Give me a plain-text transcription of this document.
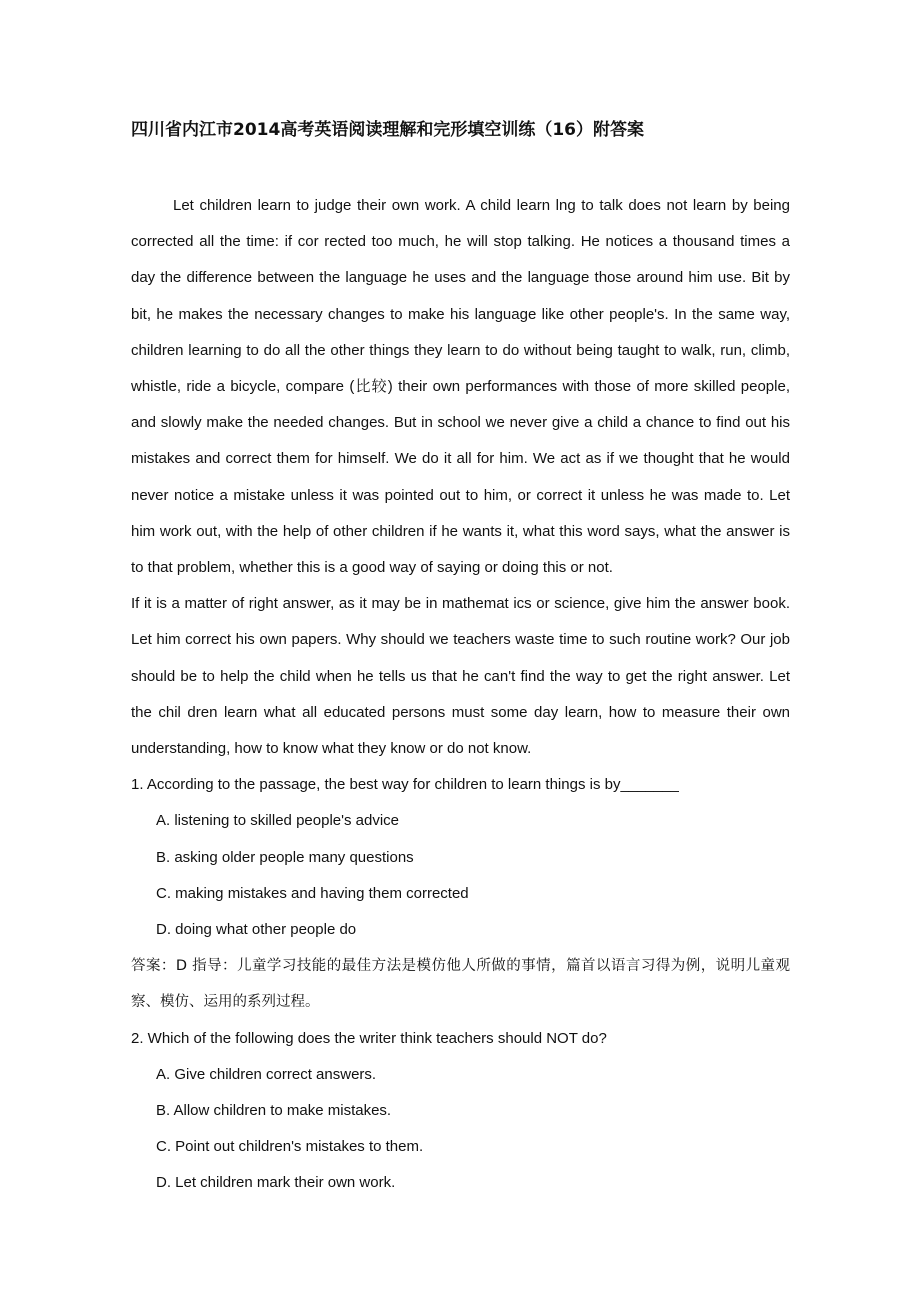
四川省内江市2014高考英语阅读理解和完形填空训练（16）附答案

Let children learn to judge their own work. A child learn lng to talk does not learn by being corrected all the time: if cor rected too much, he will stop talking. He notices a thousand times a day the difference between the language he uses and the language those around him use. Bit by bit, he makes the necessary changes to make his language like other people's. In the same way, children learning to do all the other things they learn to do without being taught to walk, run, climb, whistle, ride a bicycle, compare (比较) their own performances with those of more skilled people, and slowly make the needed changes. But in school we never give a child a chance to find out his mistakes and correct them for himself. We do it all for him. We act as if we thought that he would never notice a mistake unless it was pointed out to him, or correct it unless he was made to. Let him work out, with the help of other children if he wants it, what this word says, what the answer is to that problem, whether this is a good way of saying or doing this or not.

If it is a matter of right answer, as it may be in mathemat ics or science, give him the answer book. Let him correct his own papers. Why should we teachers waste time to such routine work? Our job should be to help the child when he tells us that he can't find the way to get the right answer. Let the chil dren learn what all educated persons must some day learn, how to measure their own understanding, how to know what they know or do not know.

1. According to the passage, the best way for children to learn things is by_______

A. listening to skilled people's advice

B. asking older people many questions

C. making mistakes and having them corrected

D. doing what other people do

答案：D 指导：儿童学习技能的最佳方法是模仿他人所做的事情，篇首以语言习得为例，说明儿童观察、模仿、运用的系列过程。

2. Which of the following does the writer think teachers should NOT do?

A. Give children correct answers.

B. Allow children to make mistakes.

C. Point out children's mistakes to them.

D. Let children mark their own work.
